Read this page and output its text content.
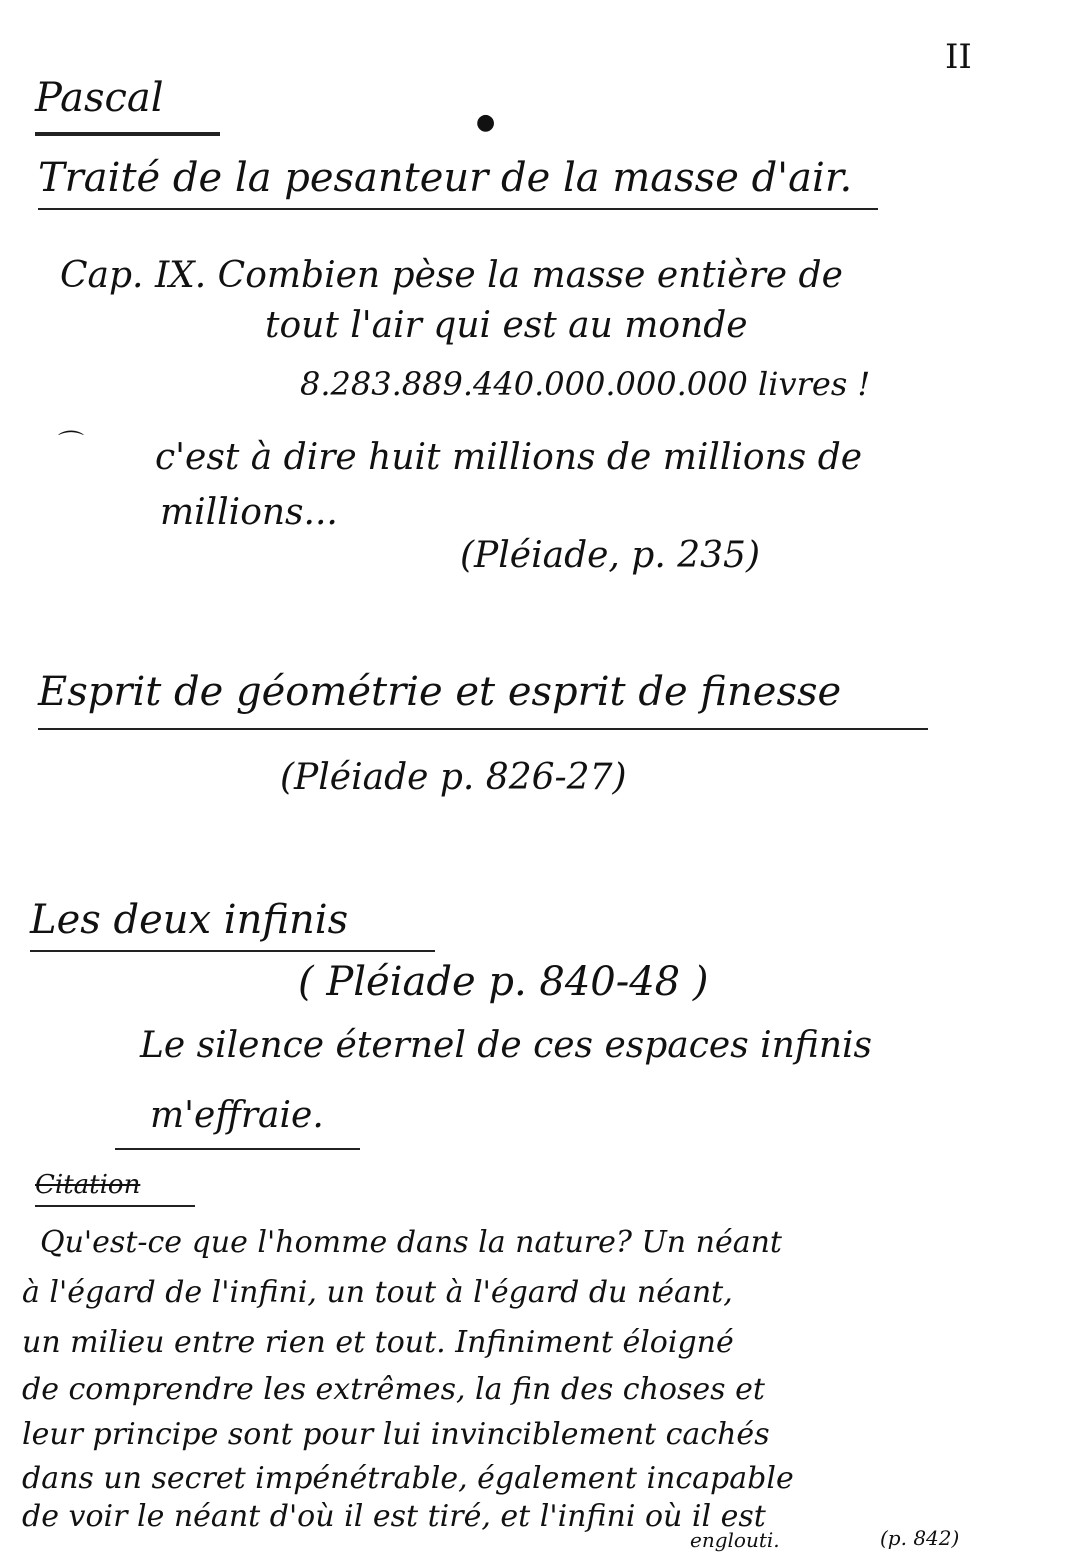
II
Pascal
●
Traité de la pesanteur de la masse d'air.
Cap. IX. Combien pèse la masse entière de
tout l'air qui est au monde
8.283.889.440.000.000.000 livres !
⌒ c'est à dire huit millions de millions de
millions...
(Pléiade, p. 235)
Esprit de géométrie et esprit de finesse
(Pléiade p. 826-27)
Les deux infinis
( Pléiade p. 840-48 )
Le silence éternel de ces espaces infinis
m'effraie.
Citation
Qu'est-ce que l'homme dans la nature? Un néant
à l'égard de l'infini, un tout à l'égard du néant,
un milieu entre rien et tout. Infiniment éloigné
de comprendre les extrêmes, la fin des choses et
leur principe sont pour lui invinciblement cachés
dans un secret impénétrable, également incapable
de voir le néant d'où il est tiré, et l'infini où il est
englouti.	(p. 842)
